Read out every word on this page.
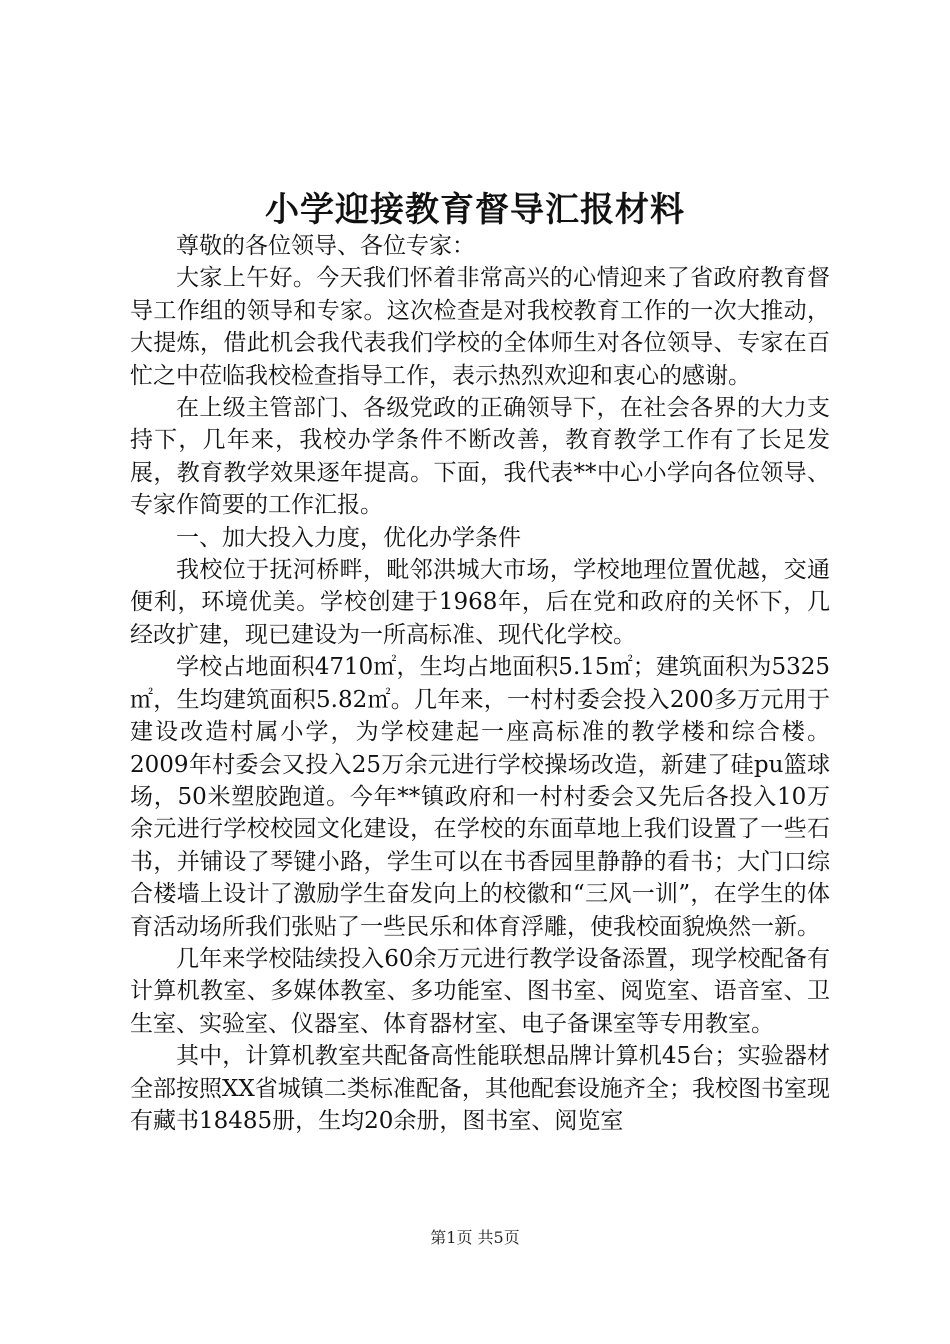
小学迎接教育督导汇报材料

尊敬的各位领导、各位专家：

大家上午好。今天我们怀着非常高兴的心情迎来了省政府教育督导工作组的领导和专家。这次检查是对我校教育工作的一次大推动，大提炼，借此机会我代表我们学校的全体师生对各位领导、专家在百忙之中莅临我校检查指导工作，表示热烈欢迎和衷心的感谢。

在上级主管部门、各级党政的正确领导下，在社会各界的大力支持下，几年来，我校办学条件不断改善，教育教学工作有了长足发展，教育教学效果逐年提高。下面，我代表**中心小学向各位领导、专家作简要的工作汇报。

一、加大投入力度，优化办学条件

我校位于抚河桥畔，毗邻洪城大市场，学校地理位置优越，交通便利，环境优美。学校创建于1968年，后在党和政府的关怀下，几经改扩建，现已建设为一所高标准、现代化学校。

学校占地面积4710㎡，生均占地面积5.15㎡；建筑面积为5325㎡，生均建筑面积5.82㎡。几年来，一村村委会投入200多万元用于建设改造村属小学，为学校建起一座高标准的教学楼和综合楼。2009年村委会又投入25万余元进行学校操场改造，新建了硅pu篮球场，50米塑胶跑道。今年**镇政府和一村村委会又先后各投入10万余元进行学校校园文化建设，在学校的东面草地上我们设置了一些石书，并铺设了琴键小路，学生可以在书香园里静静的看书；大门口综合楼墙上设计了激励学生奋发向上的校徽和“三风一训”，在学生的体育活动场所我们张贴了一些民乐和体育浮雕，使我校面貌焕然一新。

几年来学校陆续投入60余万元进行教学设备添置，现学校配备有计算机教室、多媒体教室、多功能室、图书室、阅览室、语音室、卫生室、实验室、仪器室、体育器材室、电子备课室等专用教室。

其中，计算机教室共配备高性能联想品牌计算机45台；实验器材全部按照XX省城镇二类标准配备，其他配套设施齐全；我校图书室现有藏书18485册，生均20余册，图书室、阅览室

第1页 共5页
